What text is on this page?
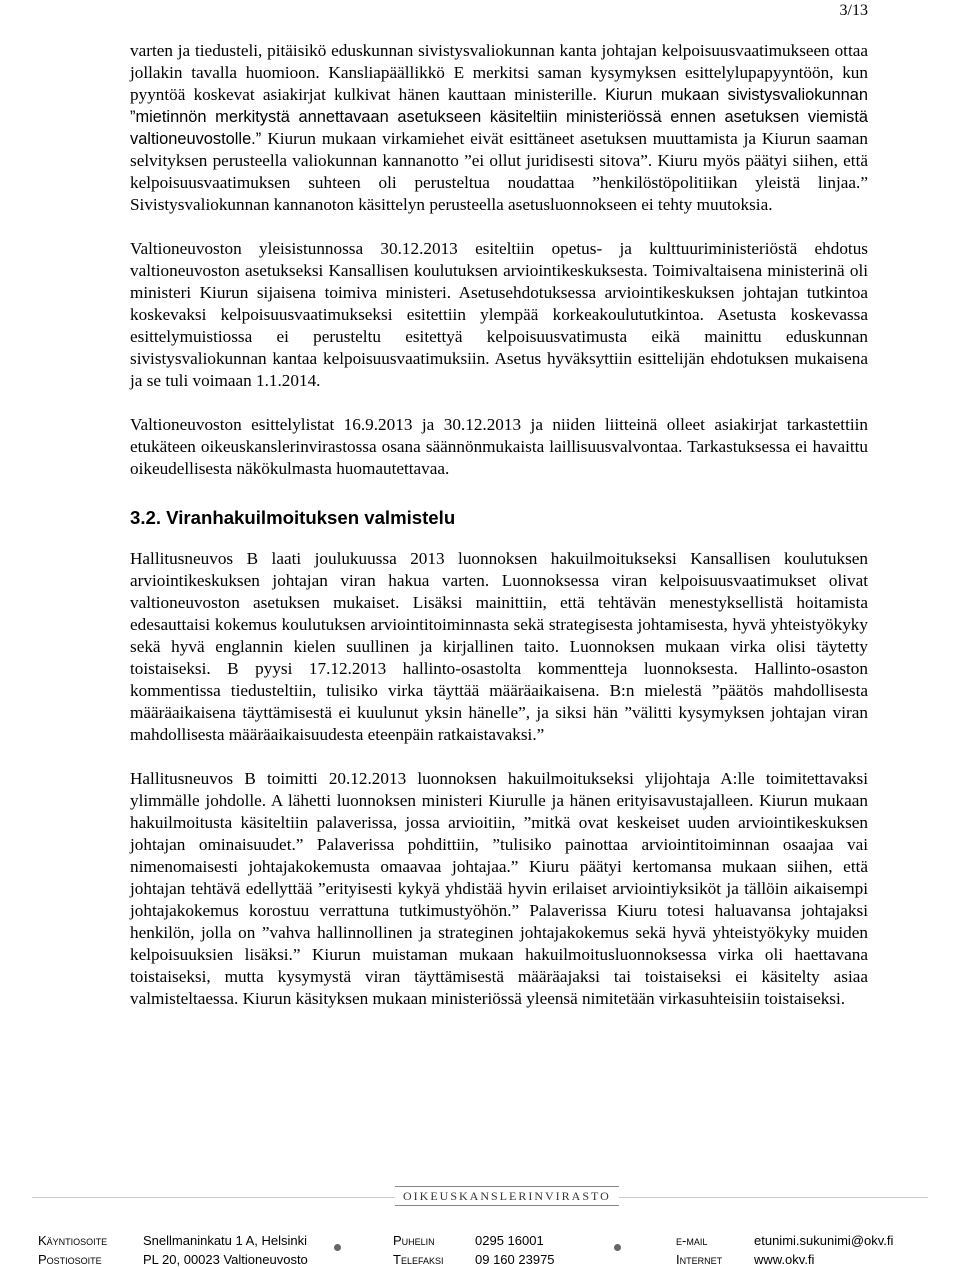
3/13

varten ja tiedusteli, pitäisikö eduskunnan sivistysvaliokunnan kanta johtajan kelpoisuusvaatimukseen ottaa jollakin tavalla huomioon. Kansliapäällikkö E merkitsi saman kysymyksen esittelylupapyyntöön, kun pyyntöä koskevat asiakirjat kulkivat hänen kauttaan ministerille. Kiurun mukaan sivistysvaliokunnan ”mietinnön merkitystä annettavaan asetukseen käsiteltiin ministeriössä ennen asetuksen viemistä valtioneuvostolle.” Kiurun mukaan virkamiehet eivät esittäneet asetuksen muuttamista ja Kiurun saaman selvityksen perusteella valiokunnan kannanotto ”ei ollut juridisesti sitova”. Kiuru myös päätyi siihen, että kelpoisuusvaatimuksen suhteen oli perusteltua noudattaa ”henkilöstöpolitiikan yleistä linjaa.” Sivistysvaliokunnan kannanoton käsittelyn perusteella asetusluonnokseen ei tehty muutoksia.

Valtioneuvoston yleisistunnossa 30.12.2013 esiteltiin opetus- ja kulttuuriministeriöstä ehdotus valtioneuvoston asetukseksi Kansallisen koulutuksen arviointikeskuksesta. Toimivaltaisena ministerinä oli ministeri Kiurun sijaisena toimiva ministeri. Asetusehdotuksessa arviointikeskuksen johtajan tutkintoa koskevaksi kelpoisuusvaatimukseksi esitettiin ylempää korkeakoulututkintoa. Asetusta koskevassa esittelymuistiossa ei perusteltu esitettyä kelpoisuusvatimusta eikä mainittu eduskunnan sivistysvaliokunnan kantaa kelpoisuusvaatimuksiin. Asetus hyväksyttiin esittelijän ehdotuksen mukaisena ja se tuli voimaan 1.1.2014.

Valtioneuvoston esittelylistat 16.9.2013 ja 30.12.2013 ja niiden liitteinä olleet asiakirjat tarkastettiin etukäteen oikeuskanslerinvirastossa osana säännönmukaista laillisuusvalvontaa. Tarkastuksessa ei havaittu oikeudellisesta näkökulmasta huomautettavaa.

3.2. Viranhakuilmoituksen valmistelu

Hallitusneuvos B laati joulukuussa 2013 luonnoksen hakuilmoitukseksi Kansallisen koulutuksen arviointikeskuksen johtajan viran hakua varten. Luonnoksessa viran kelpoisuusvaatimukset olivat valtioneuvoston asetuksen mukaiset. Lisäksi mainittiin, että tehtävän menestyksellistä hoitamista edesauttaisi kokemus koulutuksen arviointitoiminnasta sekä strategisesta johtamisesta, hyvä yhteistyökyky sekä hyvä englannin kielen suullinen ja kirjallinen taito. Luonnoksen mukaan virka olisi täytetty toistaiseksi. B pyysi 17.12.2013 hallinto-osastolta kommentteja luonnoksesta. Hallinto-osaston kommentissa tiedusteltiin, tulisiko virka täyttää määräaikaisena. B:n mielestä ”päätös mahdollisesta määräaikaisena täyttämisestä ei kuulunut yksin hänelle”, ja siksi hän ”välitti kysymyksen johtajan viran mahdollisesta määräaikaisuudesta eteenpäin ratkaistavaksi.”

Hallitusneuvos B toimitti 20.12.2013 luonnoksen hakuilmoitukseksi ylijohtaja A:lle toimitettavaksi ylimmälle johdolle. A lähetti luonnoksen ministeri Kiurulle ja hänen erityisavustajalleen. Kiurun mukaan hakuilmoitusta käsiteltiin palaverissa, jossa arvioitiin, ”mitkä ovat keskeiset uuden arviointikeskuksen johtajan ominaisuudet.” Palaverissa pohdittiin, ”tulisiko painottaa arviointitoiminnan osaajaa vai nimenomaisesti johtajakokemusta omaavaa johtajaa.” Kiuru päätyi kertomansa mukaan siihen, että johtajan tehtävä edellyttää ”erityisesti kykyä yhdistää hyvin erilaiset arviointiyksiköt ja tällöin aikaisempi johtajakokemus korostuu verrattuna tutkimustyöhön.” Palaverissa Kiuru totesi haluavansa johtajaksi henkilön, jolla on ”vahva hallinnollinen ja strateginen johtajakokemus sekä hyvä yhteistyökyky muiden kelpoisuuksien lisäksi.” Kiurun muistaman mukaan hakuilmoitusluonnoksessa virka oli haettavana toistaiseksi, mutta kysymystä viran täyttämisestä määräajaksi tai toistaiseksi ei käsitelty asiaa valmisteltaessa. Kiurun käsityksen mukaan ministeriössä yleensä nimitetään virkasuhteisiin toistaiseksi.

OIKEUSKANSLERINVIRASTO
Käyntiosoite	Snellmaninkatu 1 A, Helsinki
Postiosoite	PL 20, 00023 Valtioneuvosto
Puhelin	0295 16001
Telefaksi 09 160 23975
e-mail	etunimi.sukunimi@okv.fi
Internet www.okv.fi
